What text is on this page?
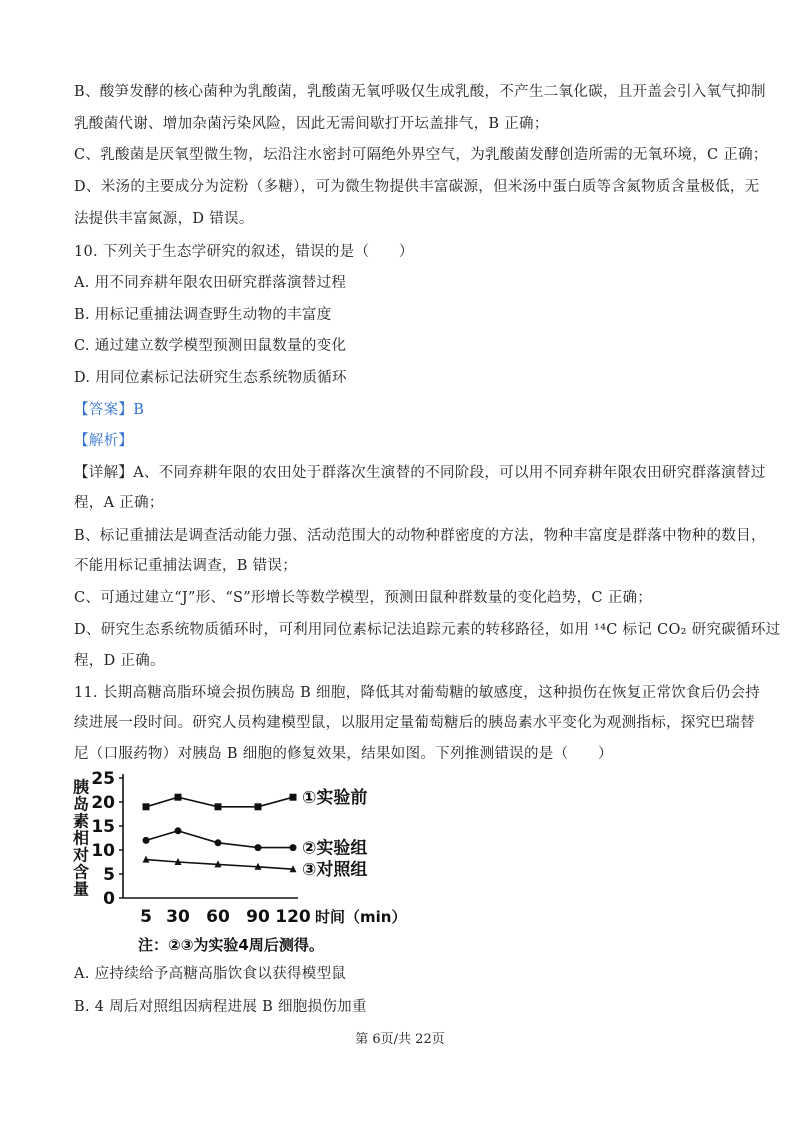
B、酸笋发酵的核心菌种为乳酸菌，乳酸菌无氧呼吸仅生成乳酸，不产生二氧化碳，且开盖会引入氧气抑制
乳酸菌代谢、增加杂菌污染风险，因此无需间歇打开坛盖排气，B 正确；
C、乳酸菌是厌氧型微生物，坛沿注水密封可隔绝外界空气，为乳酸菌发酵创造所需的无氧环境，C 正确；
D、米汤的主要成分为淀粉（多糖），可为微生物提供丰富碳源，但米汤中蛋白质等含氮物质含量极低，无
法提供丰富氮源，D 错误。
10. 下列关于生态学研究的叙述，错误的是（　　）
A. 用不同弃耕年限农田研究群落演替过程
B. 用标记重捕法调查野生动物的丰富度
C. 通过建立数学模型预测田鼠数量的变化
D. 用同位素标记法研究生态系统物质循环
【答案】B
【解析】
【详解】A、不同弃耕年限的农田处于群落次生演替的不同阶段，可以用不同弃耕年限农田研究群落演替过
程，A 正确；
B、标记重捕法是调查活动能力强、活动范围大的动物种群密度的方法，物种丰富度是群落中物种的数目，
不能用标记重捕法调查，B 错误；
C、可通过建立“J”形、“S”形增长等数学模型，预测田鼠种群数量的变化趋势，C 正确；
D、研究生态系统物质循环时，可利用同位素标记法追踪元素的转移路径，如用 ¹⁴C 标记 CO₂ 研究碳循环过
程，D 正确。
11. 长期高糖高脂环境会损伤胰岛 B 细胞，降低其对葡萄糖的敏感度，这种损伤在恢复正常饮食后仍会持
续进展一段时间。研究人员构建模型鼠，以服用定量葡萄糖后的胰岛素水平变化为观测指标，探究巴瑞替
尼（口服药物）对胰岛 B 细胞的修复效果，结果如图。下列推测错误的是（　　）
胰岛素相对含量
0
5
10
15
20
25
5 30 60 90 120 时间（min）
①实验前
②实验组
③对照组
注：②③为实验4周后测得。
A. 应持续给予高糖高脂饮食以获得模型鼠
B. 4 周后对照组因病程进展 B 细胞损伤加重
第 6页/共 22页
